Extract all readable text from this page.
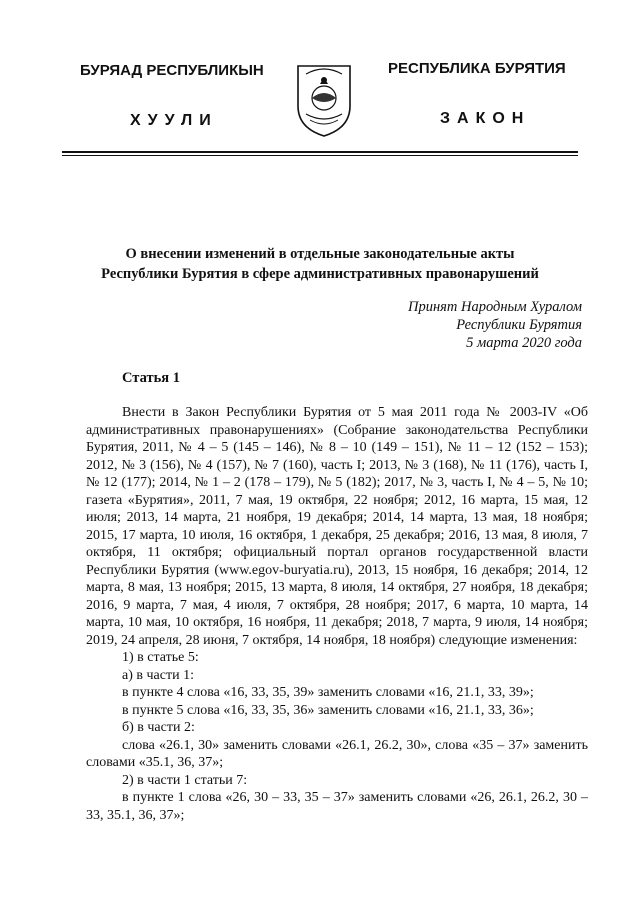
БУРЯАД РЕСПУБЛИКЫН	РЕСПУБЛИКА БУРЯТИЯ
ХУУЛИ	ЗАКОН
О внесении изменений в отдельные законодательные акты
Республики Бурятия в сфере административных правонарушений
Принят Народным Хуралом
Республики Бурятия
5 марта 2020 года
Статья 1

Внести в Закон Республики Бурятия от 5 мая 2011 года № 2003-IV «Об административных правонарушениях» (Собрание законодательства Республики Бурятия, 2011, № 4 – 5 (145 – 146), № 8 – 10 (149 – 151), № 11 – 12 (152 – 153); 2012, № 3 (156), № 4 (157), № 7 (160), часть I; 2013, № 3 (168), № 11 (176), часть I, № 12 (177); 2014, № 1 – 2 (178 – 179), № 5 (182); 2017, № 3, часть I, № 4 – 5, № 10; газета «Бурятия», 2011, 7 мая, 19 октября, 22 ноября; 2012, 16 марта, 15 мая, 12 июля; 2013, 14 марта, 21 ноября, 19 декабря; 2014, 14 марта, 13 мая, 18 ноября; 2015, 17 марта, 10 июля, 16 октября, 1 декабря, 25 декабря; 2016, 13 мая, 8 июля, 7 октября, 11 октября; официальный портал органов государственной власти Республики Бурятия (www.egov-buryatia.ru), 2013, 15 ноября, 16 декабря; 2014, 12 марта, 8 мая, 13 ноября; 2015, 13 марта, 8 июля, 14 октября, 27 ноября, 18 декабря; 2016, 9 марта, 7 мая, 4 июля, 7 октября, 28 ноября; 2017, 6 марта, 10 марта, 14 марта, 10 мая, 10 октября, 16 ноября, 11 декабря; 2018, 7 марта, 9 июля, 14 ноября; 2019, 24 апреля, 28 июня, 7 октября, 14 ноября, 18 ноября) следующие изменения:

1) в статье 5:

а) в части 1:

в пункте 4 слова «16, 33, 35, 39» заменить словами «16, 21.1, 33, 39»;

в пункте 5 слова «16, 33, 35, 36» заменить словами «16, 21.1, 33, 36»;

б) в части 2:

слова «26.1, 30» заменить словами «26.1, 26.2, 30», слова «35 – 37» заменить словами «35.1, 36, 37»;

2) в части 1 статьи 7:

в пункте 1 слова «26, 30 – 33, 35 – 37» заменить словами «26, 26.1, 26.2, 30 – 33, 35.1, 36, 37»;
